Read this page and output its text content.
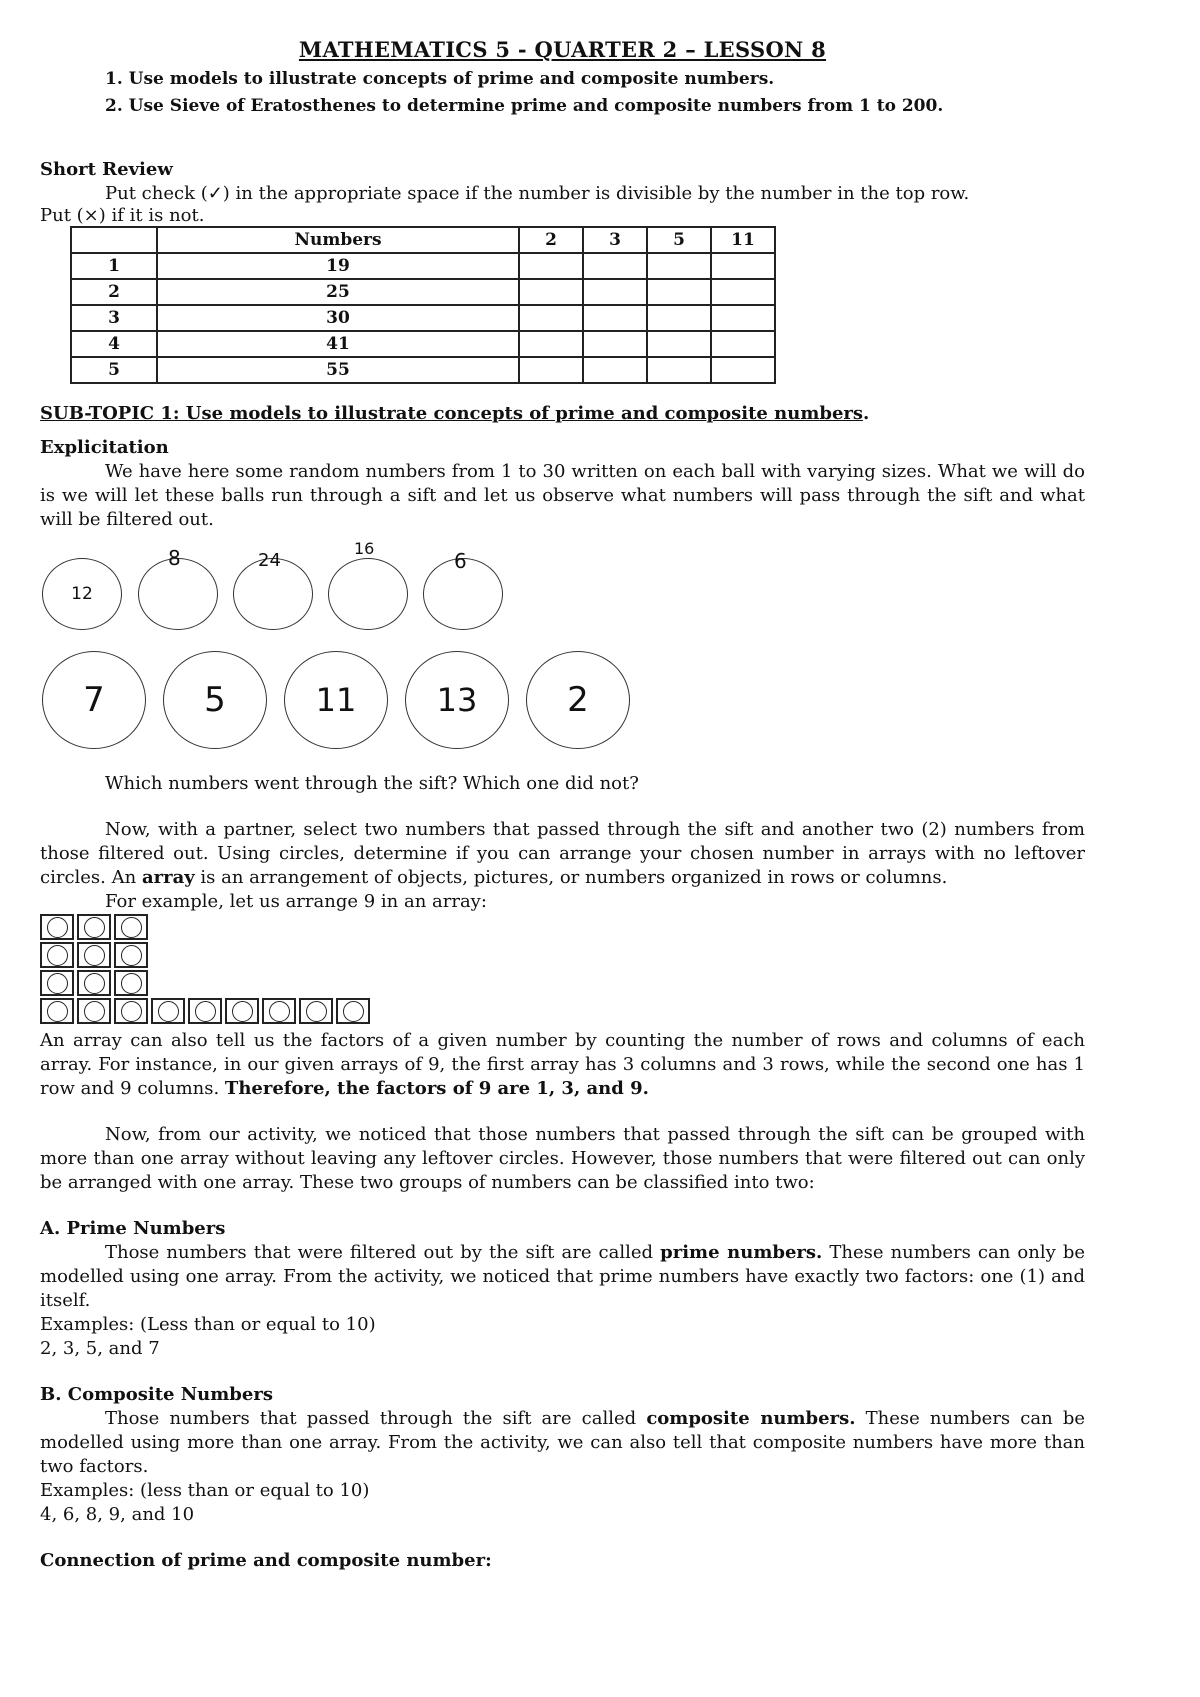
MATHEMATICS 5 - QUARTER 2 – LESSON 8
1. Use models to illustrate concepts of prime and composite numbers.
2. Use Sieve of Eratosthenes to determine prime and composite numbers from 1 to 200.
Short Review
Put check (✓) in the appropriate space if the number is divisible by the number in the top row.
Put (×) if it is not.
	Numbers	2	3	5	11
1	19				
2	25				
3	30				
4	41				
5	55				
SUB-TOPIC 1: Use models to illustrate concepts of prime and composite numbers.
Explicitation
We have here some random numbers from 1 to 30 written on each ball with varying sizes. What we will do is we will let these balls run through a sift and let us observe what numbers will pass through the sift and what will be filtered out.
12
8	24
16
6
7	5	11	13	2
Which numbers went through the sift? Which one did not?
Now, with a partner, select two numbers that passed through the sift and another two (2) numbers from those filtered out. Using circles, determine if you can arrange your chosen number in arrays with no leftover circles. An array is an arrangement of objects, pictures, or numbers organized in rows or columns.
For example, let us arrange 9 in an array:
An array can also tell us the factors of a given number by counting the number of rows and columns of each array. For instance, in our given arrays of 9, the first array has 3 columns and 3 rows, while the second one has 1 row and 9 columns. Therefore, the factors of 9 are 1, 3, and 9.
Now, from our activity, we noticed that those numbers that passed through the sift can be grouped with more than one array without leaving any leftover circles. However, those numbers that were filtered out can only be arranged with one array. These two groups of numbers can be classified into two:
A. Prime Numbers
Those numbers that were filtered out by the sift are called prime numbers. These numbers can only be modelled using one array. From the activity, we noticed that prime numbers have exactly two factors: one (1) and itself.
Examples: (Less than or equal to 10)
2, 3, 5, and 7
B. Composite Numbers
Those numbers that passed through the sift are called composite numbers. These numbers can be modelled using more than one array. From the activity, we can also tell that composite numbers have more than two factors.
Examples: (less than or equal to 10)
4, 6, 8, 9, and 10
Connection of prime and composite number:
